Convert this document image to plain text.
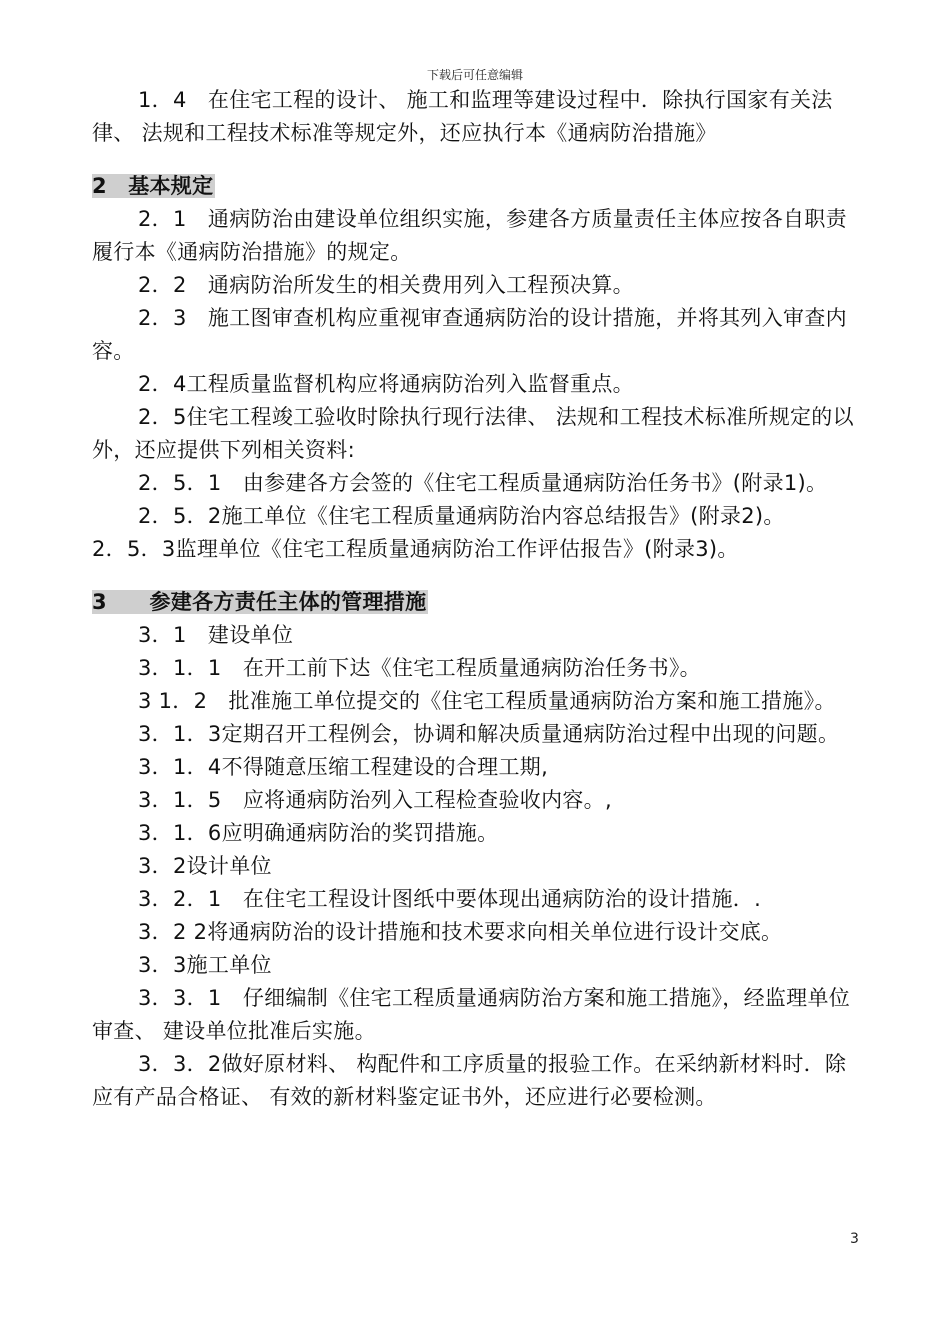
下载后可任意编辑

1．4　在住宅工程的设计、 施工和监理等建设过程中．除执行国家有关法律、 法规和工程技术标准等规定外，还应执行本《通病防治措施》

2　基本规定

2．1　通病防治由建设单位组织实施，参建各方质量责任主体应按各自职责履行本《通病防治措施》的规定。

2．2　通病防治所发生的相关费用列入工程预决算。

2．3　施工图审查机构应重视审查通病防治的设计措施，并将其列入审查内容。

2．4工程质量监督机构应将通病防治列入监督重点。

2．5住宅工程竣工验收时除执行现行法律、 法规和工程技术标准所规定的以外，还应提供下列相关资料:

2．5．1　由参建各方会签的《住宅工程质量通病防治任务书》(附录1)。

2．5．2施工单位《住宅工程质量通病防治内容总结报告》(附录2)。

2．5．3监理单位《住宅工程质量通病防治工作评估报告》(附录3)。

3　　参建各方责任主体的管理措施

3．1　建设单位

3．1．1　在开工前下达《住宅工程质量通病防治任务书》。

3 1．2　批准施工单位提交的《住宅工程质量通病防治方案和施工措施》。

3．1．3定期召开工程例会，协调和解决质量通病防治过程中出现的问题。

3．1．4不得随意压缩工程建设的合理工期,

3．1．5　应将通病防治列入工程检查验收内容。,

3．1．6应明确通病防治的奖罚措施。

3．2设计单位

3．2．1　在住宅工程设计图纸中要体现出通病防治的设计措施．.

3．2 2将通病防治的设计措施和技术要求向相关单位进行设计交底。

3．3施工单位

3．3．1　仔细编制《住宅工程质量通病防治方案和施工措施》，经监理单位审查、 建设单位批准后实施。

3．3．2做好原材料、 构配件和工序质量的报验工作。在采纳新材料时．除应有产品合格证、 有效的新材料鉴定证书外，还应进行必要检测。

3
